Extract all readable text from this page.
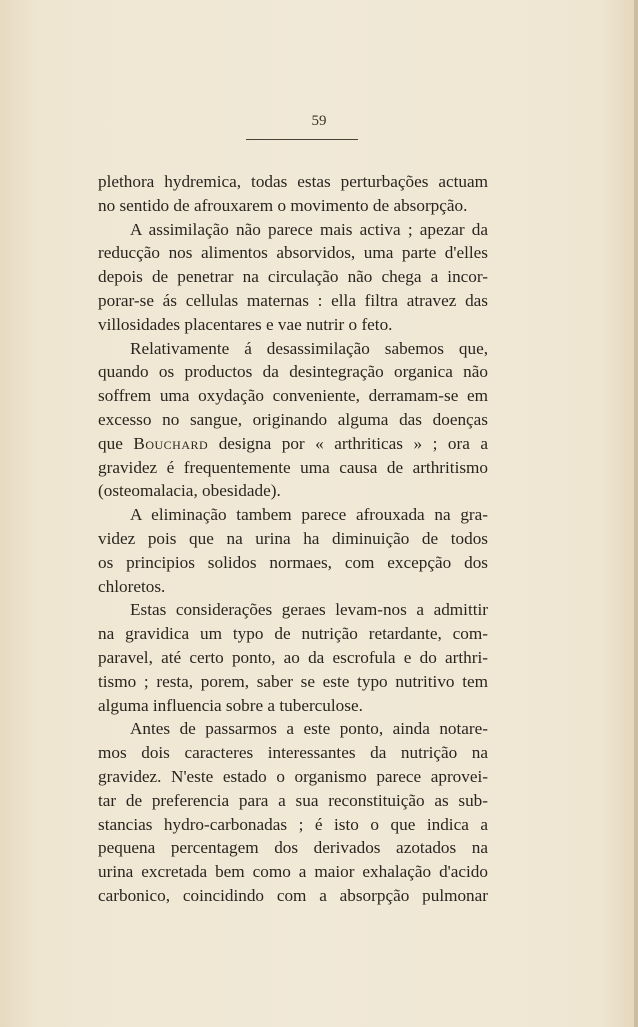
59
plethora hydremica, todas estas perturbações actuam
no sentido de afrouxarem o movimento de absorpção.
A assimilação não parece mais activa ; apezar da
reducção nos alimentos absorvidos, uma parte d'elles
depois de penetrar na circulação não chega a incor-
porar-se ás cellulas maternas : ella filtra atravez das
villosidades placentares e vae nutrir o feto.
Relativamente á desassimilação sabemos que,
quando os productos da desintegração organica não
soffrem uma oxydação conveniente, derramam-se em
excesso no sangue, originando alguma das doenças
que Bouchard designa por « arthriticas » ; ora a
gravidez é frequentemente uma causa de arthritismo
(osteomalacia, obesidade).
A eliminação tambem parece afrouxada na gra-
videz pois que na urina ha diminuição de todos
os principios solidos normaes, com excepção dos
chloretos.
Estas considerações geraes levam-nos a admittir
na gravidica um typo de nutrição retardante, com-
paravel, até certo ponto, ao da escrofula e do arthri-
tismo ; resta, porem, saber se este typo nutritivo tem
alguma influencia sobre a tuberculose.
Antes de passarmos a este ponto, ainda notare-
mos dois caracteres interessantes da nutrição na
gravidez. N'este estado o organismo parece aprovei-
tar de preferencia para a sua reconstituição as sub-
stancias hydro-carbonadas ; é isto o que indica a
pequena percentagem dos derivados azotados na
urina excretada bem como a maior exhalação d'acido
carbonico, coincidindo com a absorpção pulmonar
